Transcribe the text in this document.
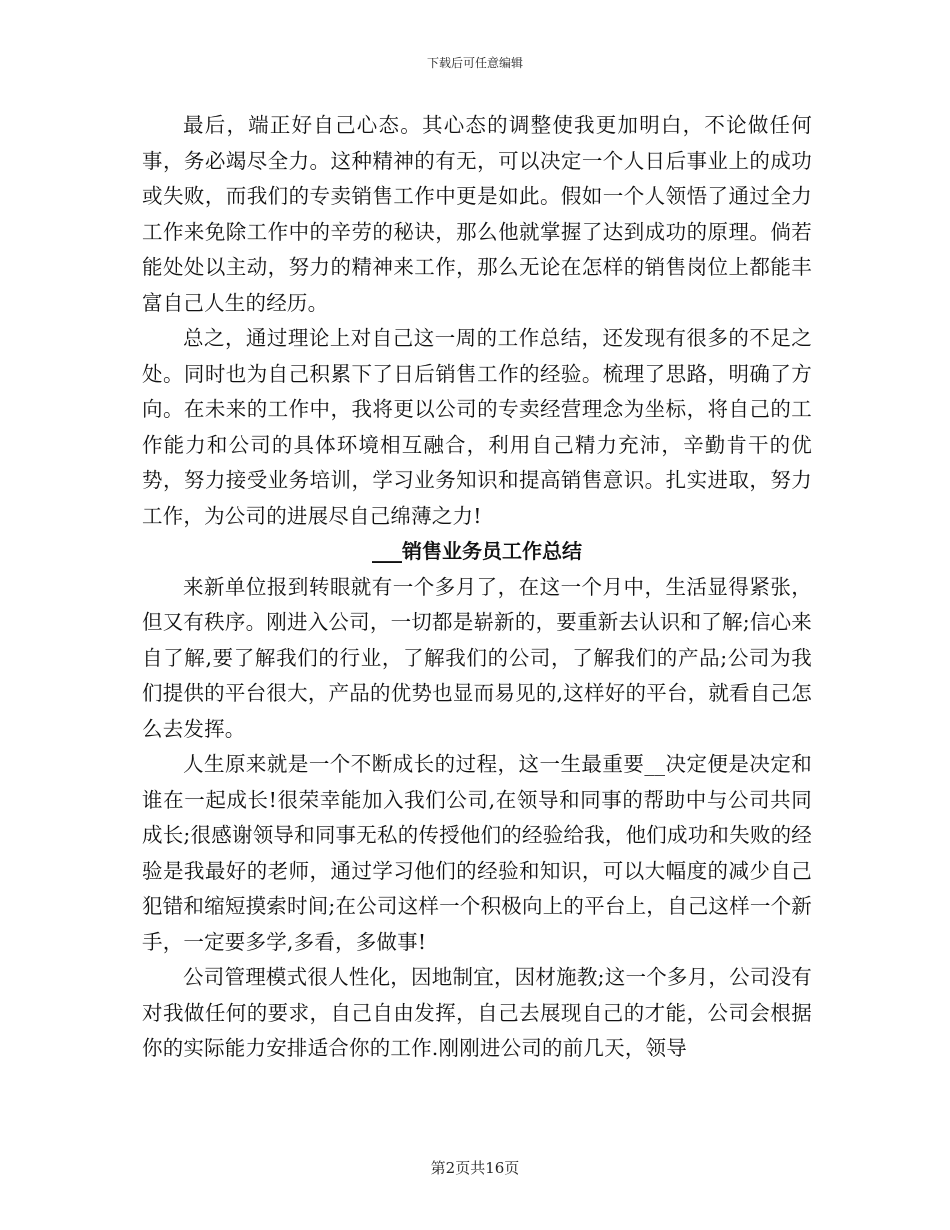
下载后可任意编辑

最后，端正好自己心态。其心态的调整使我更加明白，不论做任何事，务必竭尽全力。这种精神的有无，可以决定一个人日后事业上的成功或失败，而我们的专卖销售工作中更是如此。假如一个人领悟了通过全力工作来免除工作中的辛劳的秘诀，那么他就掌握了达到成功的原理。倘若能处处以主动，努力的精神来工作，那么无论在怎样的销售岗位上都能丰富自己人生的经历。

总之，通过理论上对自己这一周的工作总结，还发现有很多的不足之处。同时也为自己积累下了日后销售工作的经验。梳理了思路，明确了方向。在未来的工作中，我将更以公司的专卖经营理念为坐标，将自己的工作能力和公司的具体环境相互融合，利用自己精力充沛，辛勤肯干的优势，努力接受业务培训，学习业务知识和提高销售意识。扎实进取，努力工作，为公司的进展尽自己绵薄之力!

___销售业务员工作总结

来新单位报到转眼就有一个多月了，在这一个月中，生活显得紧张，但又有秩序。刚进入公司，一切都是崭新的，要重新去认识和了解;信心来自了解,要了解我们的行业，了解我们的公司，了解我们的产品;公司为我们提供的平台很大，产品的优势也显而易见的,这样好的平台，就看自己怎么去发挥。

人生原来就是一个不断成长的过程，这一生最重要__决定便是决定和谁在一起成长!很荣幸能加入我们公司,在领导和同事的帮助中与公司共同成长;很感谢领导和同事无私的传授他们的经验给我，他们成功和失败的经验是我最好的老师，通过学习他们的经验和知识，可以大幅度的减少自己犯错和缩短摸索时间;在公司这样一个积极向上的平台上，自己这样一个新手，一定要多学,多看，多做事!

公司管理模式很人性化，因地制宜，因材施教;这一个多月，公司没有对我做任何的要求，自己自由发挥，自己去展现自己的才能，公司会根据你的实际能力安排适合你的工作.刚刚进公司的前几天，领导

第2页共16页
